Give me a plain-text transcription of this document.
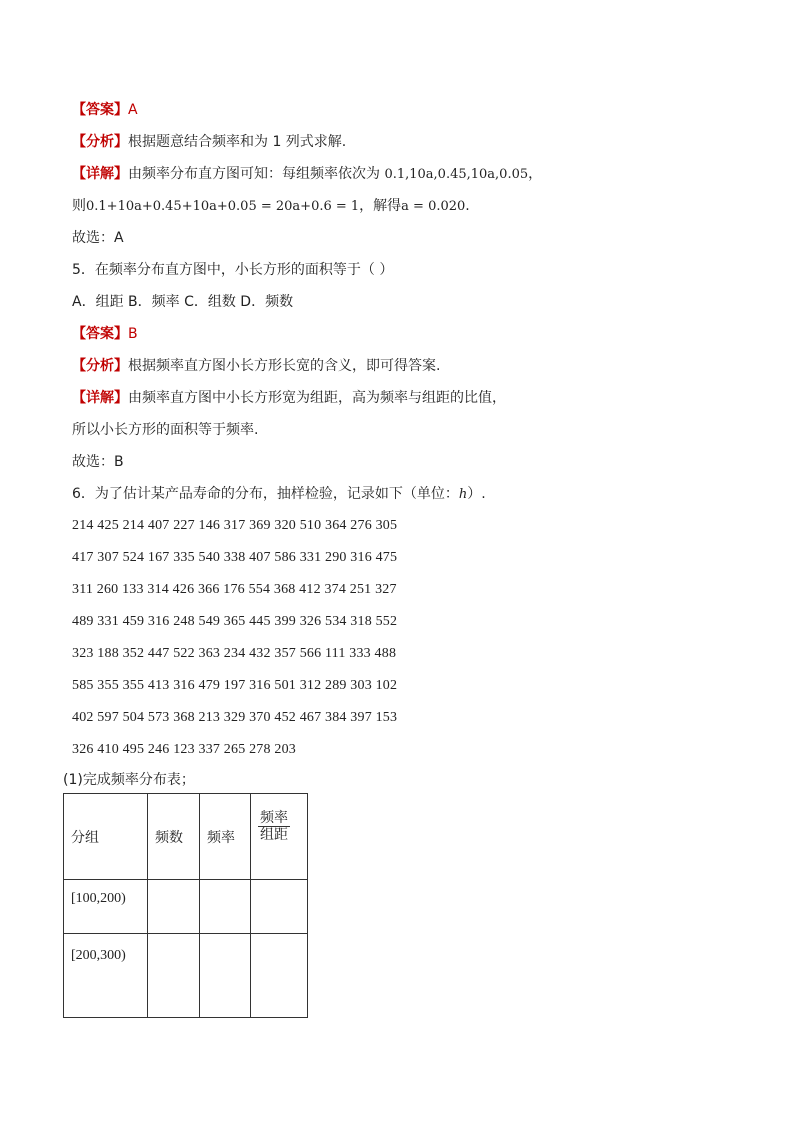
【答案】A
【分析】根据题意结合频率和为 1 列式求解.
【详解】由频率分布直方图可知：每组频率依次为 0.1,10a,0.45,10a,0.05，
则0.1+10a+0.45+10a+0.05 = 20a+0.6 = 1，解得a = 0.020.
故选：A
5．在频率分布直方图中，小长方形的面积等于（ ）
A．组距 B．频率 C．组数 D．频数
【答案】B
【分析】根据频率直方图小长方形长宽的含义，即可得答案.
【详解】由频率直方图中小长方形宽为组距，高为频率与组距的比值，
所以小长方形的面积等于频率.
故选：B
6．为了估计某产品寿命的分布，抽样检验，记录如下（单位：h）.
214 425 214 407 227 146 317 369 320 510 364 276 305
417 307 524 167 335 540 338 407 586 331 290 316 475
311 260 133 314 426 366 176 554 368 412 374 251 327
489 331 459 316 248 549 365 445 399 326 534 318 552
323 188 352 447 522 363 234 432 357 566 111 333 488
585 355 355 413 316 479 197 316 501 312 289 303 102
402 597 504 573 368 213 329 370 452 467 384 397 153
326 410 495 246 123 337 265 278 203
(1)完成频率分布表；
分组	频数	频率	$\frac{\text{频率}}{\text{组距}}$

[100,200)			
[200,300)			
